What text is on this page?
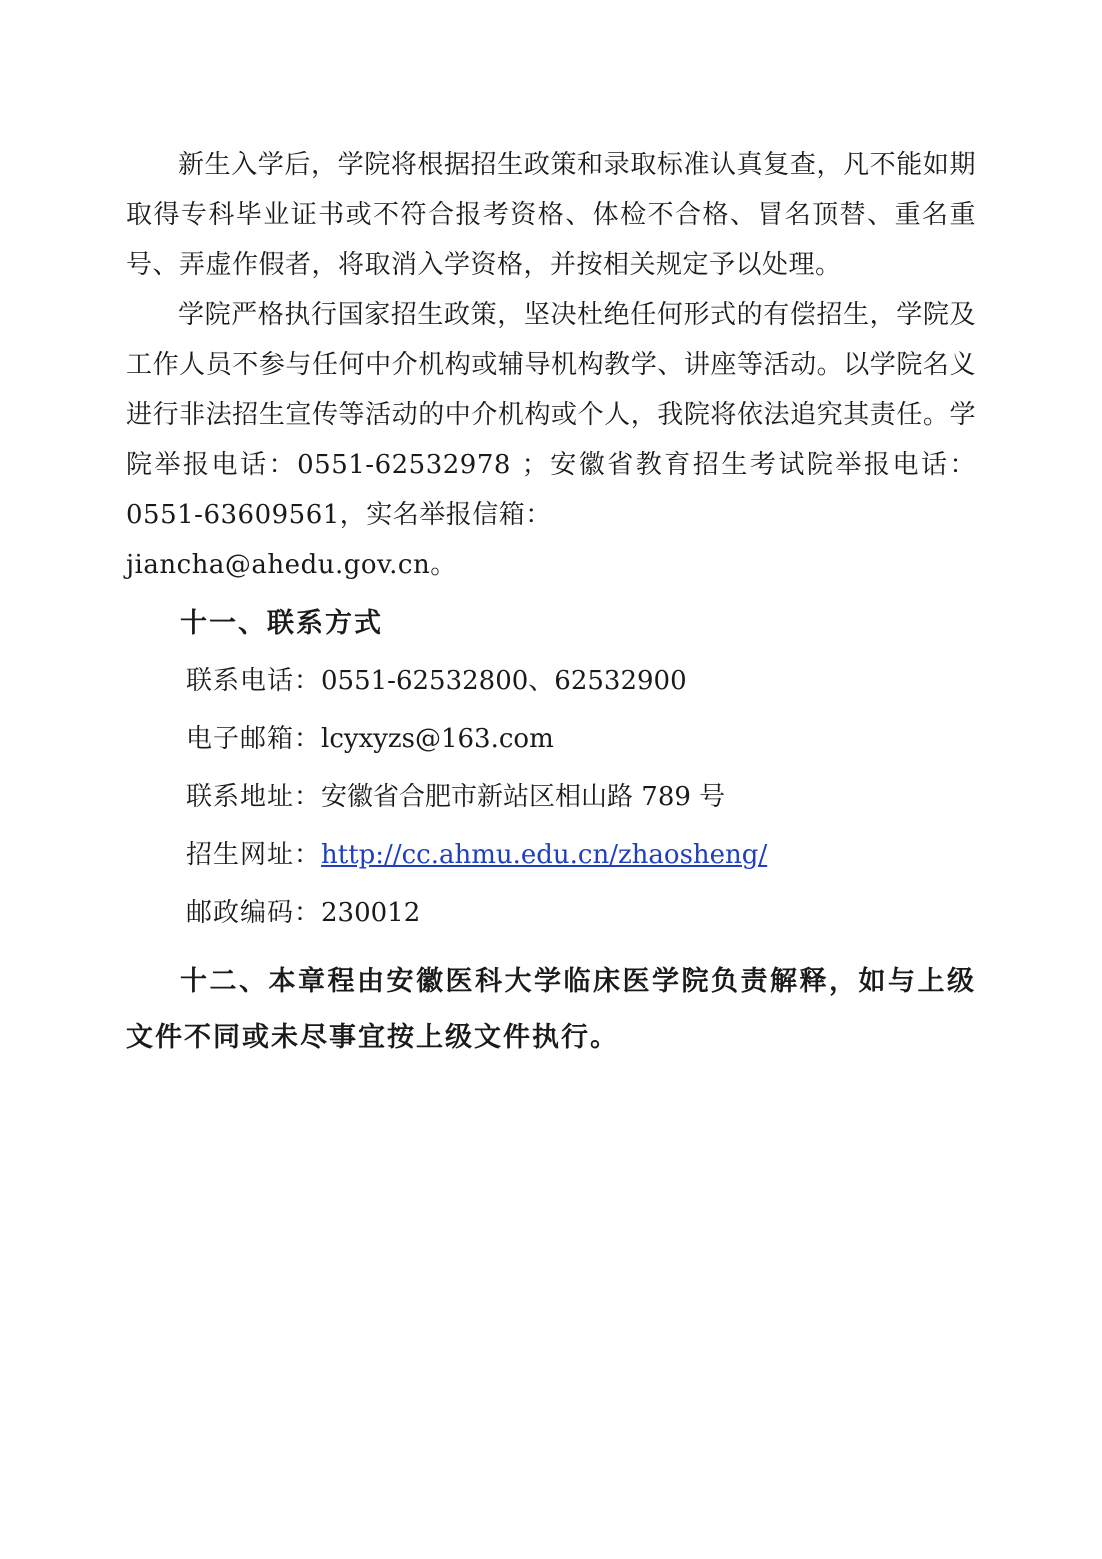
新生入学后，学院将根据招生政策和录取标准认真复查，凡不能如期取得专科毕业证书或不符合报考资格、体检不合格、冒名顶替、重名重号、弄虚作假者，将取消入学资格，并按相关规定予以处理。

学院严格执行国家招生政策，坚决杜绝任何形式的有偿招生，学院及工作人员不参与任何中介机构或辅导机构教学、讲座等活动。以学院名义进行非法招生宣传等活动的中介机构或个人，我院将依法追究其责任。学院举报电话：0551-62532978 ；安徽省教育招生考试院举报电话：0551-63609561，实名举报信箱：

jiancha@ahedu.gov.cn。

十一、联系方式
联系电话：0551-62532800、62532900
电子邮箱：lcyxyzs@163.com
联系地址：安徽省合肥市新站区相山路 789 号
招生网址：http://cc.ahmu.edu.cn/zhaosheng/
邮政编码：230012

十二、本章程由安徽医科大学临床医学院负责解释，如与上级文件不同或未尽事宜按上级文件执行。
